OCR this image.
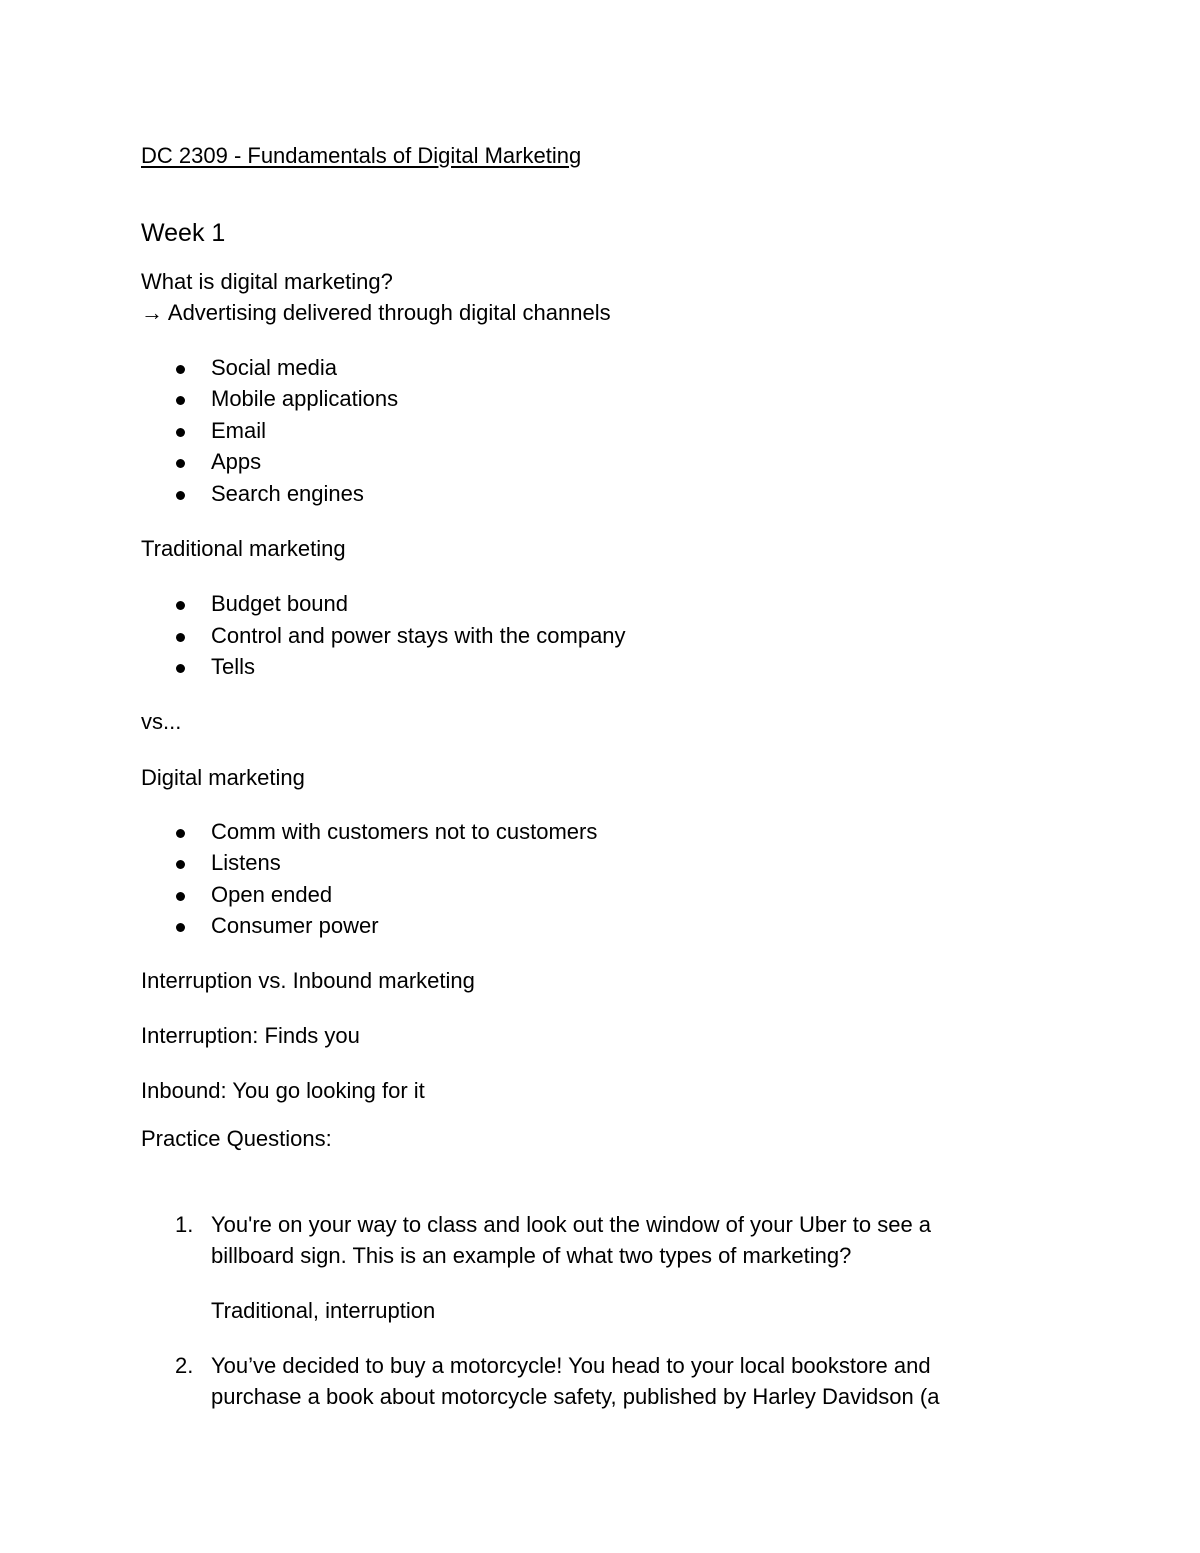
DC 2309 - Fundamentals of Digital Marketing

Week 1

What is digital marketing?

→ Advertising delivered through digital channels

Social media
Mobile applications
Email
Apps
Search engines

Traditional marketing

Budget bound
Control and power stays with the company
Tells

vs...

Digital marketing

Comm with customers not to customers
Listens
Open ended
Consumer power

Interruption vs. Inbound marketing

Interruption: Finds you

Inbound: You go looking for it

Practice Questions:

1. You're on your way to class and look out the window of your Uber to see a
billboard sign. This is an example of what two types of marketing?
Traditional, interruption
2. You’ve decided to buy a motorcycle! You head to your local bookstore and
purchase a book about motorcycle safety, published by Harley Davidson (a
